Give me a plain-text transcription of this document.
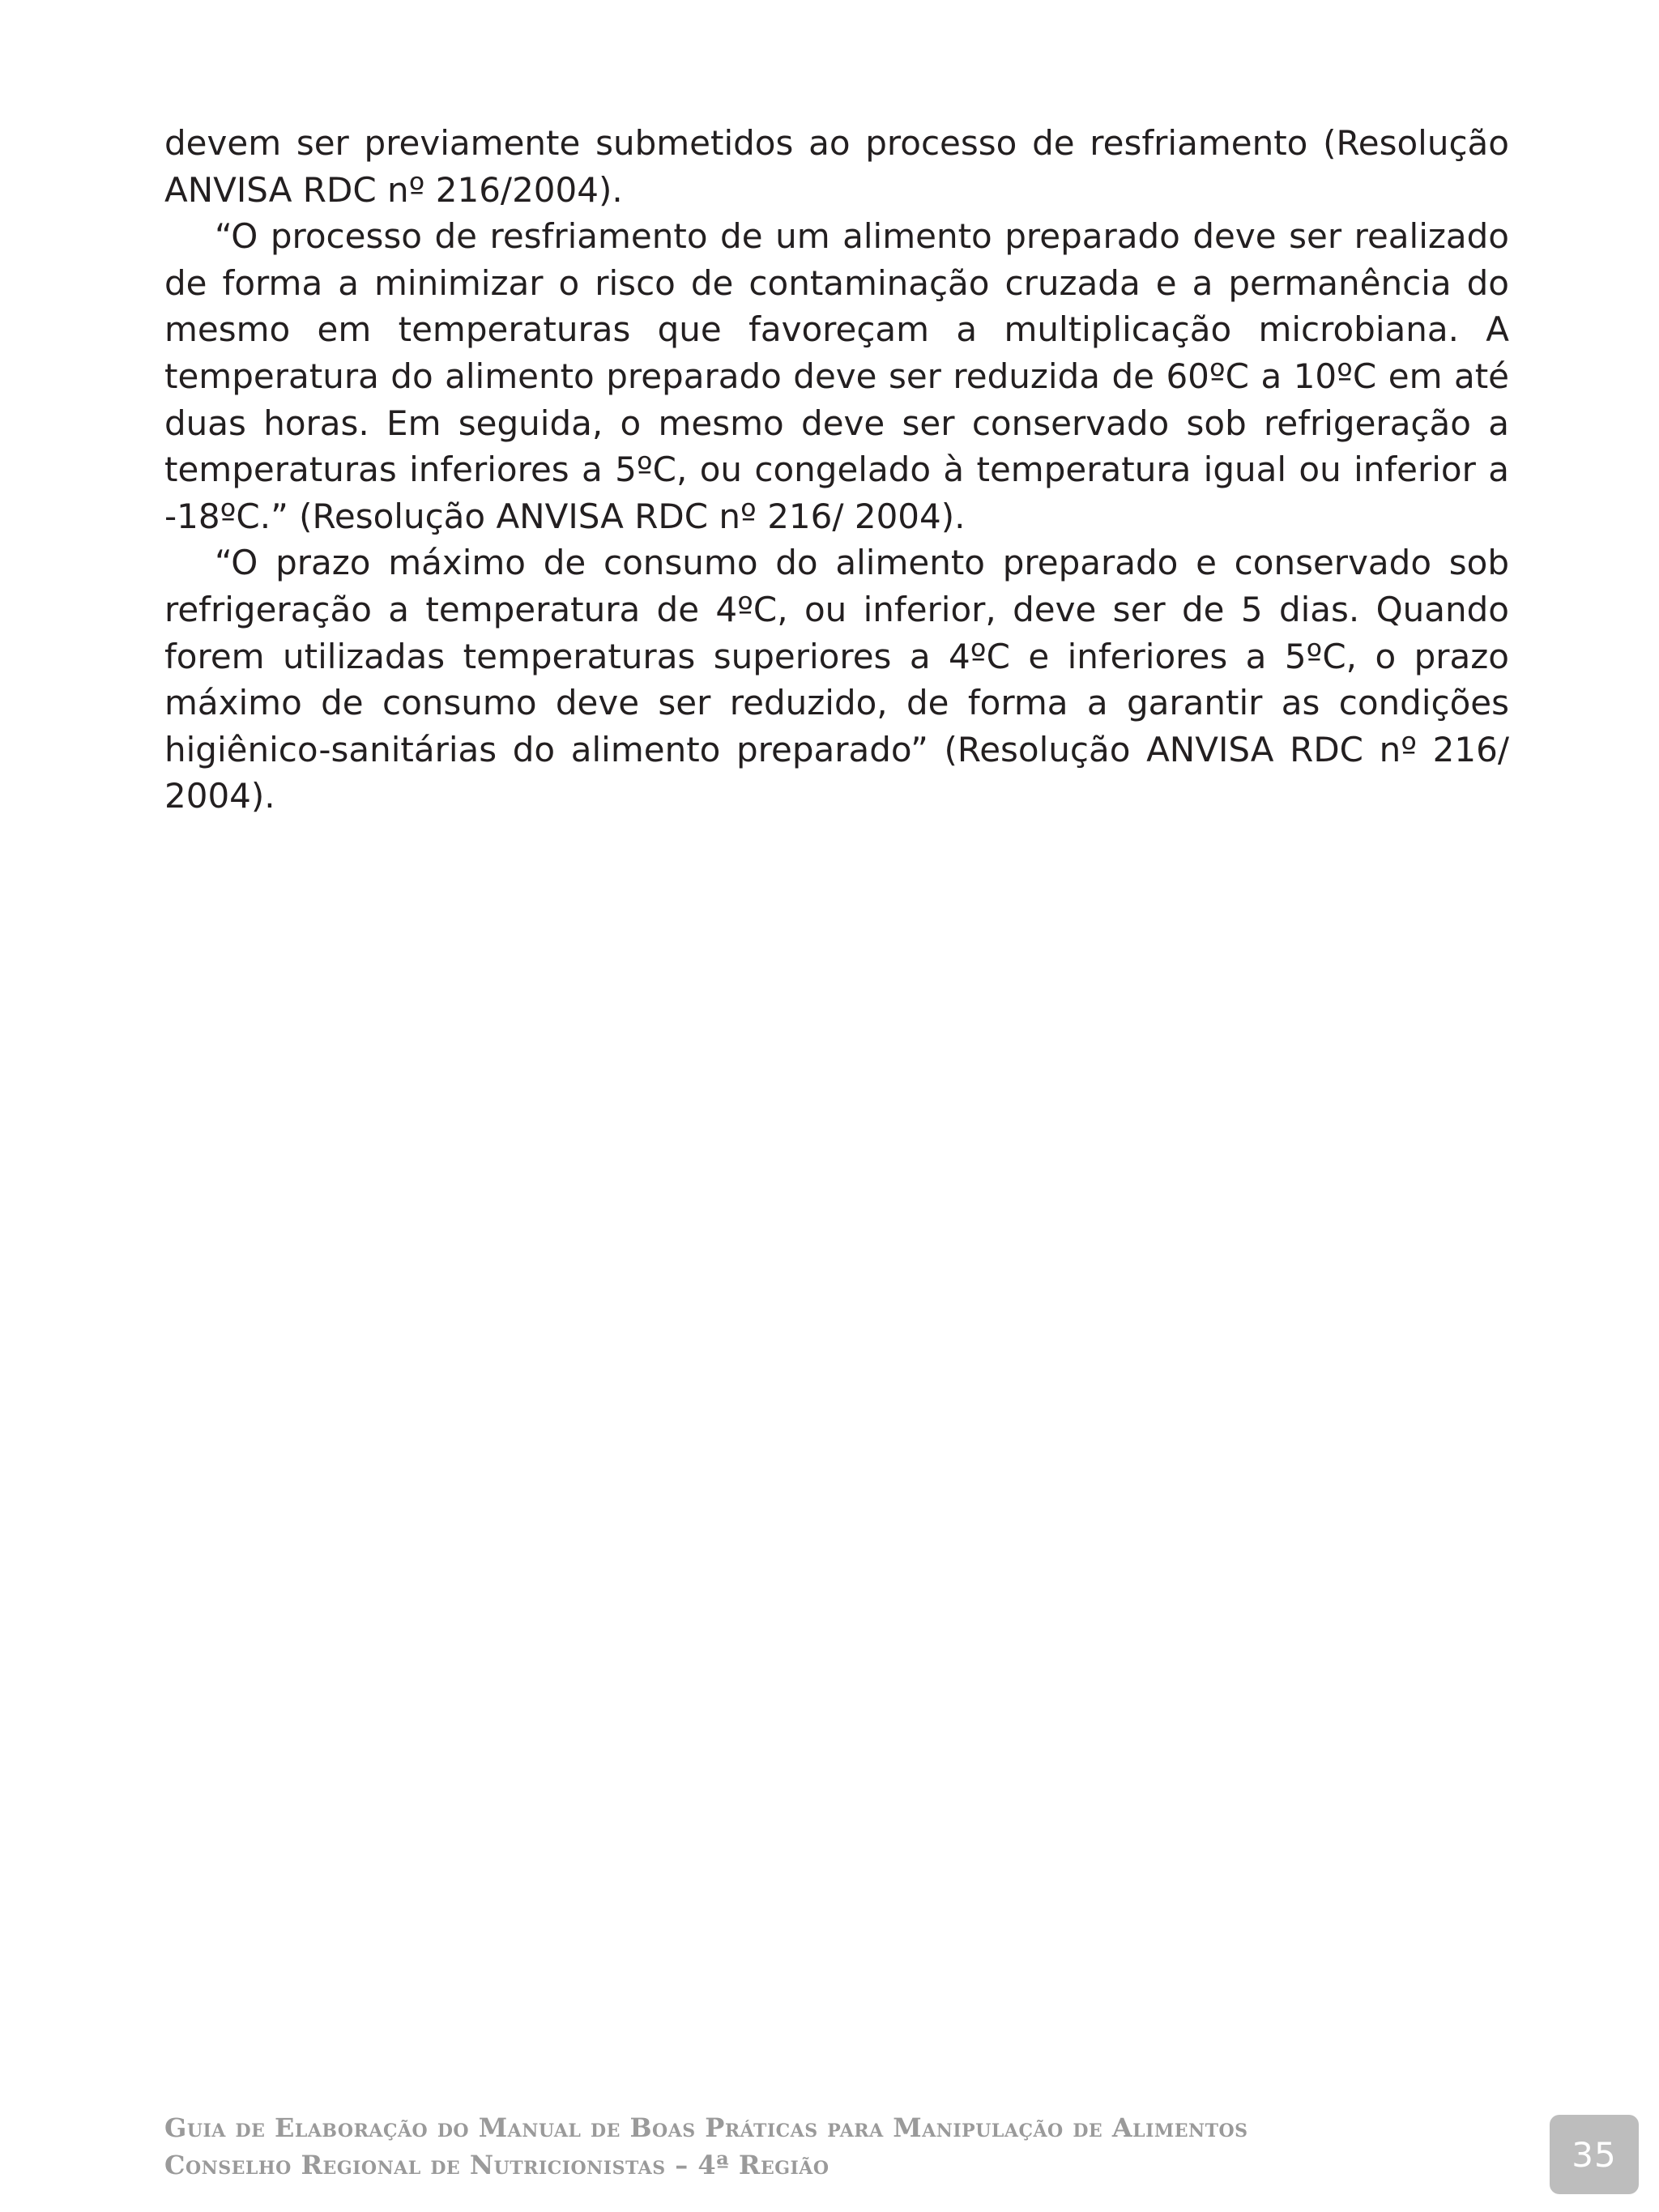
devem ser previamente submetidos ao processo de resfriamento (Resolução ANVISA RDC nº 216/2004).

“O processo de resfriamento de um alimento preparado deve ser realizado de forma a minimizar o risco de contaminação cruzada e a permanência do mesmo em temperaturas que favoreçam a multiplicação microbiana. A temperatura do alimento preparado deve ser reduzida de 60ºC a 10ºC em até duas horas. Em seguida, o mesmo deve ser conservado sob refrigeração a temperaturas inferiores a 5ºC, ou congelado à temperatura igual ou inferior a -18ºC.” (Resolução ANVISA RDC nº 216/ 2004).

“O prazo máximo de consumo do alimento preparado e conservado sob refrigeração a temperatura de 4ºC, ou inferior, deve ser de 5 dias. Quando forem utilizadas temperaturas superiores a 4ºC e inferiores a 5ºC, o prazo máximo de consumo deve ser reduzido, de forma a garantir as condições higiênico-sanitárias do alimento preparado” (Resolução ANVISA RDC nº 216/ 2004).

Guia de Elaboração do Manual de Boas Práticas para Manipulação de Alimentos
Conselho Regional de Nutricionistas – 4ª Região	35
